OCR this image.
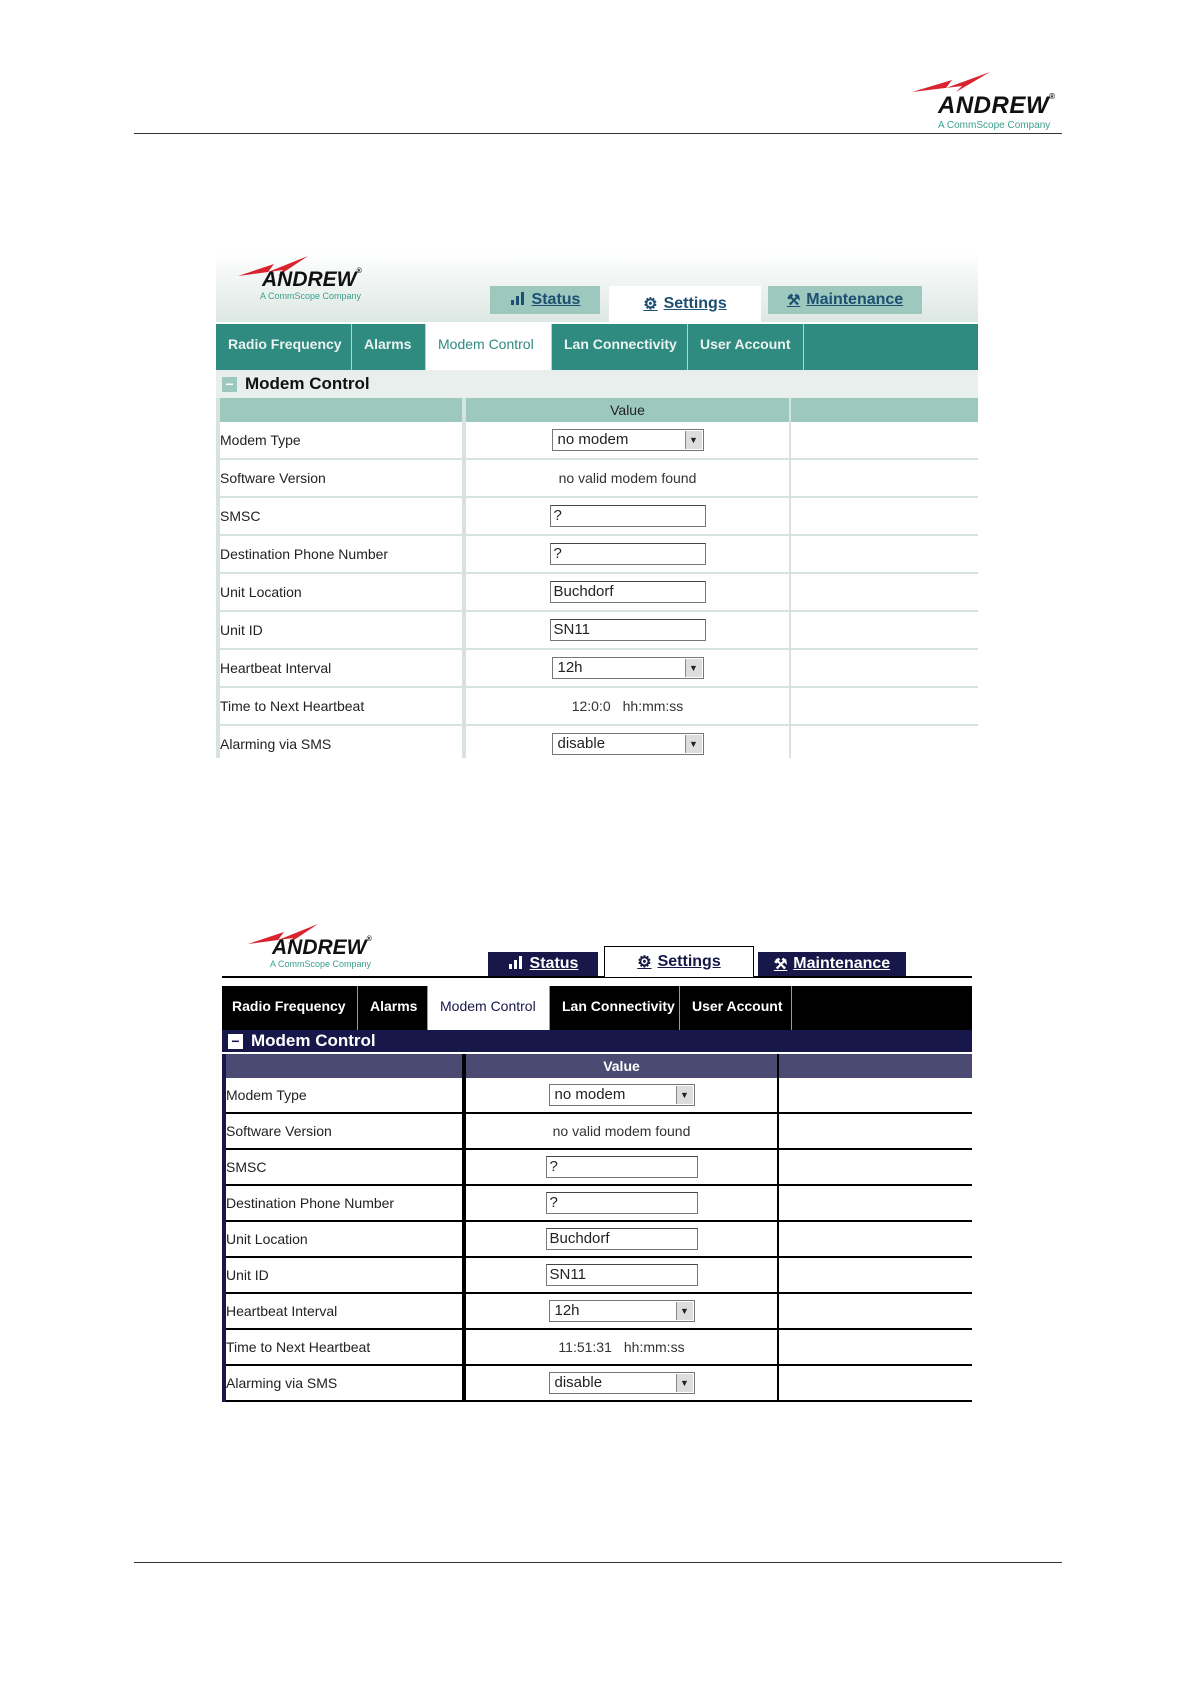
ANDREW®
A CommScope Company
ANDREW®
A CommScope Company	Status	⚙ Settings	⚒ Maintenance
Radio Frequency	Alarms	Modem Control	Lan Connectivity	User Account
− Modem Control
	Value	
Modem Type	no modem ▼	

Software Version	no valid modem found	
SMSC	?	
Destination Phone Number	?	
Unit Location	Buchdorf	
Unit ID	SN11	
Heartbeat Interval	12h ▼	

Time to Next Heartbeat	12:0:0 hh:mm:ss	
Alarming via SMS	disable ▼	

ANDREW®
A CommScope Company	Status	⚙ Settings	⚒ Maintenance
Radio Frequency	Alarms	Modem Control	Lan Connectivity	User Account
− Modem Control
	Value	
Modem Type	no modem ▼	

Software Version	no valid modem found	
SMSC	?	
Destination Phone Number	?	
Unit Location	Buchdorf	
Unit ID	SN11	
Heartbeat Interval	12h ▼	

Time to Next Heartbeat	11:51:31 hh:mm:ss	
Alarming via SMS	disable ▼	
